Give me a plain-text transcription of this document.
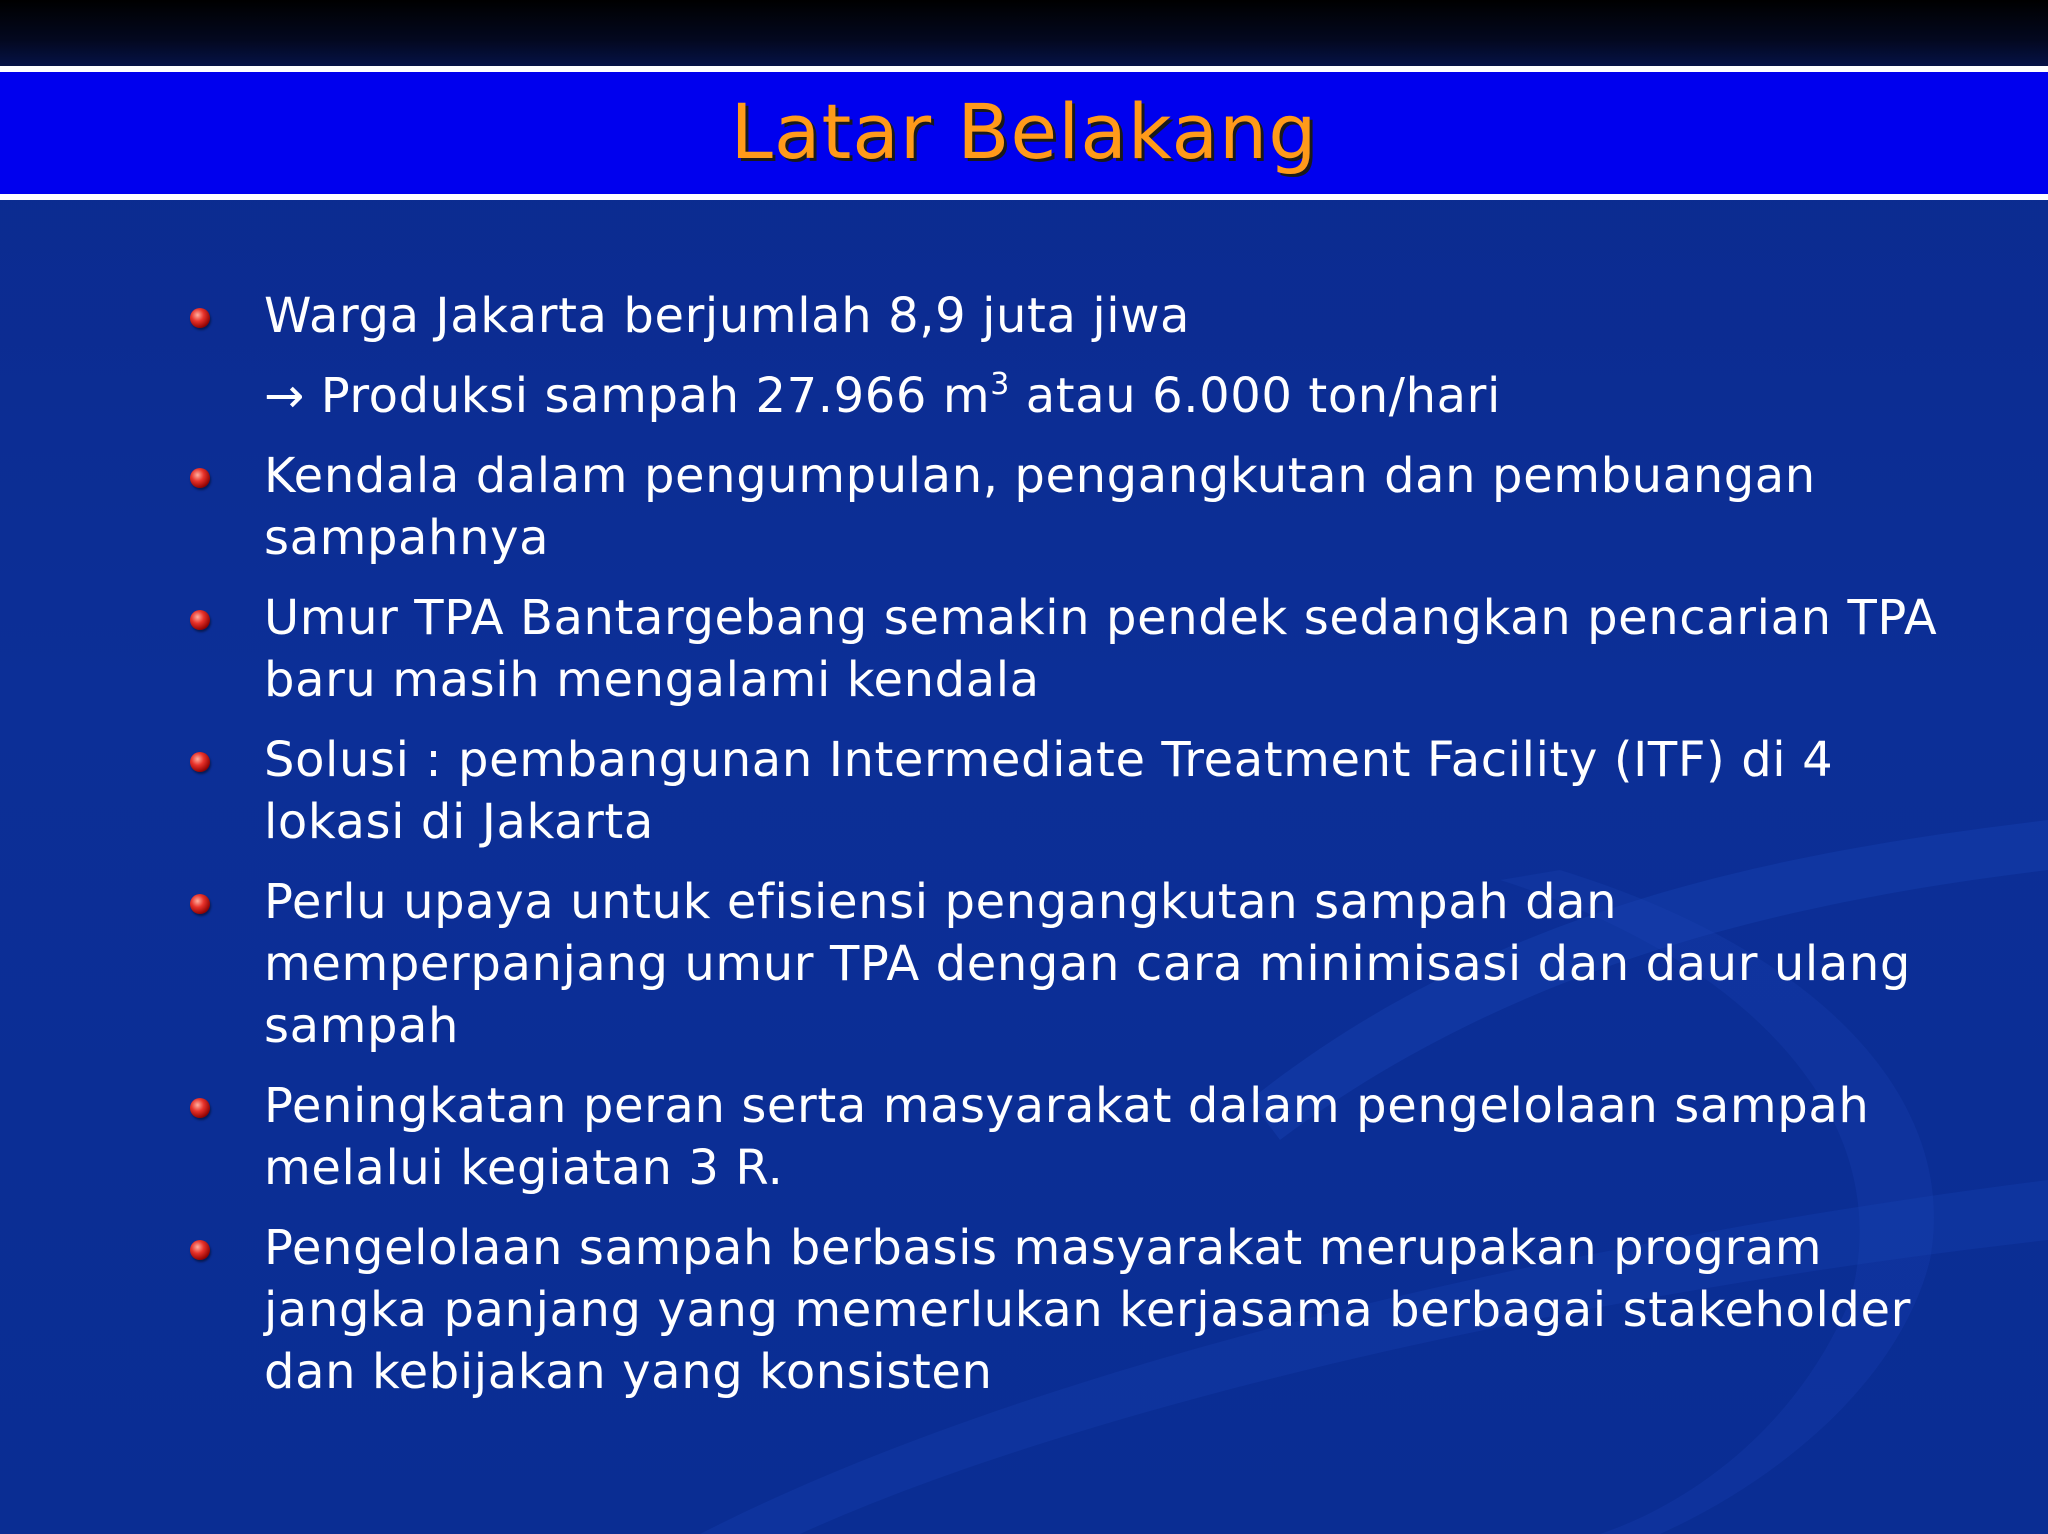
Latar Belakang
Warga Jakarta berjumlah 8,9 juta jiwa
→ Produksi sampah 27.966 $m^3$ atau 6.000 ton/hari
Kendala dalam pengumpulan, pengangkutan dan pembuangan sampahnya
Umur TPA Bantargebang semakin pendek sedangkan pencarian TPA baru masih mengalami kendala
Solusi : pembangunan Intermediate Treatment Facility (ITF) di 4 lokasi di Jakarta
Perlu upaya untuk efisiensi pengangkutan sampah dan memperpanjang umur TPA dengan cara minimisasi dan daur ulang sampah
Peningkatan peran serta masyarakat dalam pengelolaan sampah melalui kegiatan 3 R.
Pengelolaan sampah berbasis masyarakat merupakan program jangka panjang yang memerlukan kerjasama berbagai stakeholder dan kebijakan yang konsisten
